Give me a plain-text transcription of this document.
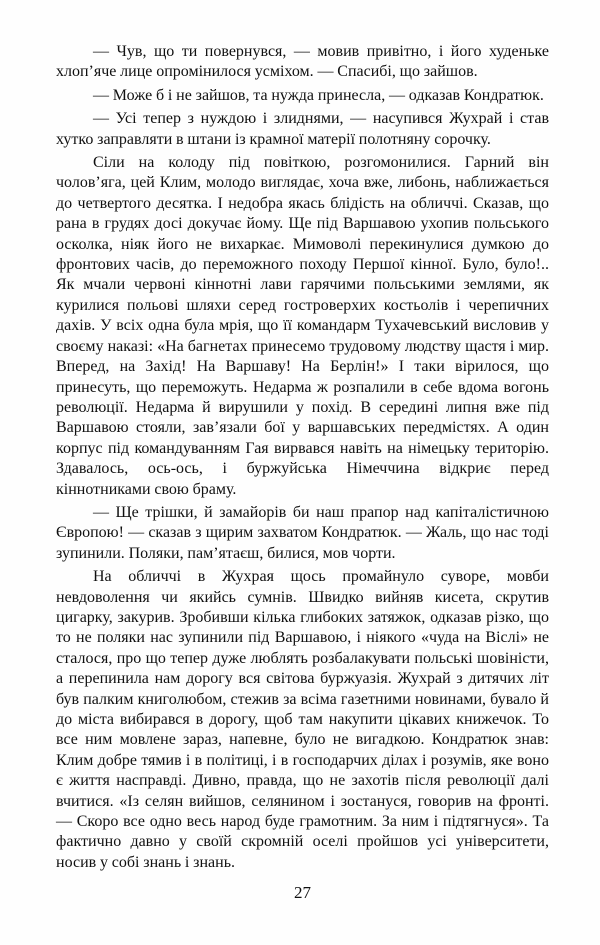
— Чув, що ти повернувся, — мовив привітно, і його худеньке хлоп’яче лице опромінилося усміхом. — Спасибі, що зайшов.

— Може б і не зайшов, та нужда принесла, — одказав Кондратюк.

— Усі тепер з нуждою і злиднями, — насупився Жухрай і став хутко заправляти в штани із крамної матерії полотняну сорочку.

Сіли на колоду під повіткою, розгомонилися. Гарний він чолов’яга, цей Клим, молодо виглядає, хоча вже, либонь, наближається до четвертого десятка. І недобра якась блідість на обличчі. Сказав, що рана в грудях досі докучає йому. Ще під Варшавою ухопив польського осколка, ніяк його не вихаркає. Мимоволі перекинулися думкою до фронтових часів, до переможного походу Першої кінної. Було, було!.. Як мчали червоні кіннотні лави гарячими польськими землями, як курилися польові шляхи серед гостроверхих костьолів і черепичних дахів. У всіх одна була мрія, що її командарм Тухачевський висловив у своєму наказі: «На багнетах принесемо трудовому людству щастя і мир. Вперед, на Захід! На Варшаву! На Берлін!» І таки вірилося, що принесуть, що переможуть. Недарма ж розпалили в себе вдома вогонь революції. Недарма й вирушили у похід. В середині липня вже під Варшавою стояли, зав’язали бої у варшавських передмістях. А один корпус під командуванням Гая вирвався навіть на німецьку територію. Здавалось, ось-ось, і буржуйська Німеччина відкриє перед кіннотниками свою браму.

— Ще трішки, й замайорів би наш прапор над капіталістичною Європою! — сказав з щирим захватом Кондратюк. — Жаль, що нас тоді зупинили. Поляки, пам’ятаєш, билися, мов чорти.

На обличчі в Жухрая щось промайнуло суворе, мовби невдоволення чи якийсь сумнів. Швидко вийняв кисета, скрутив цигарку, закурив. Зробивши кілька глибоких затяжок, одказав різко, що то не поляки нас зупинили під Варшавою, і ніякого «чуда на Віслі» не сталося, про що тепер дуже люблять розбалакувати польські шовіністи, а перепинила нам дорогу вся світова буржуазія. Жухрай з дитячих літ був палким книголюбом, стежив за всіма газетними новинами, бувало й до міста вибирався в дорогу, щоб там накупити цікавих книжечок. То все ним мовлене зараз, напевне, було не вигадкою. Кондратюк знав: Клим добре тямив і в політиці, і в господарчих ділах і розумів, яке воно є життя насправді. Дивно, правда, що не захотів після революції далі вчитися. «Із селян вийшов, селянином і зостануся, говорив на фронті. — Скоро все одно весь народ буде грамотним. За ним і підтягнуся». Та фактично давно у своїй скромній оселі пройшов усі університети, носив у собі знань і знань.

27
